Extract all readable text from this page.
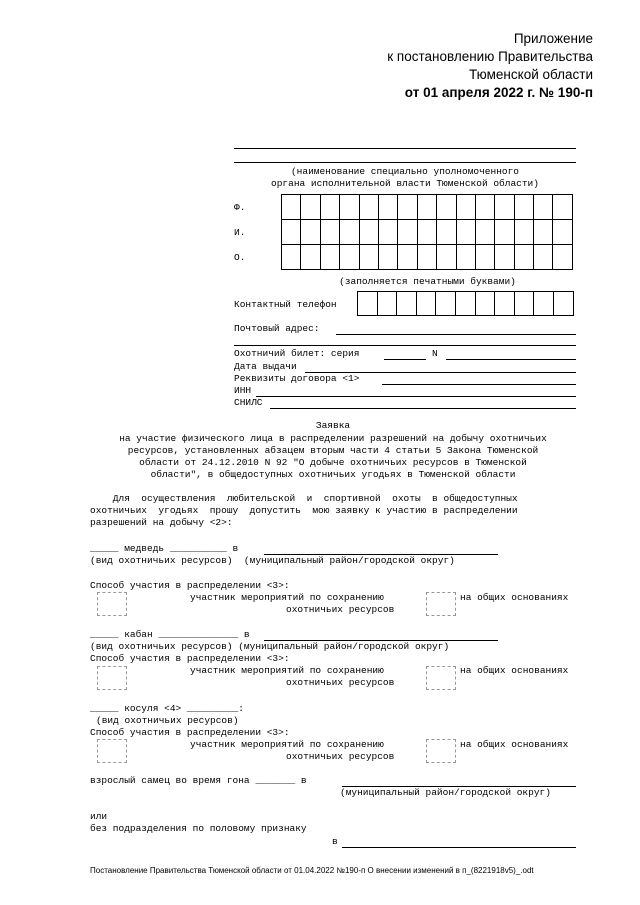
Приложение
к постановлению Правительства
Тюменской области
от 01 апреля 2022 г. № 190-п
(наименование специально уполномоченного
органа исполнительной власти Тюменской области)
Ф.
И.
О.
(заполняется печатными буквами)
Контактный телефон
Почтовый адрес:
Охотничий билет: серия	N
Дата выдачи
Реквизиты договора <1>
ИНН
СНИЛС
Заявка
на участие физического лица в распределении разрешений на добычу охотничьих
ресурсов, установленных абзацем вторым части 4 статьи 5 Закона Тюменской
области от 24.12.2010 N 92 "О добыче охотничьих ресурсов в Тюменской
области", в общедоступных охотничьих угодьях в Тюменской области
Для  осуществления  любительской  и  спортивной  охоты  в общедоступных
охотничьих  угодьях  прошу  допустить  мою заявку к участию в распределении
разрешений на добычу <2>:
_____ медведь __________ в
(вид охотничьих ресурсов)  (муниципальный район/городской округ)
Способ участия в распределении <3>:
участник мероприятий по сохранению
охотничьих ресурсов
на общих основаниях
_____ кабан ______________ в
(вид охотничьих ресурсов) (муниципальный район/городской округ)
Способ участия в распределении <3>:
участник мероприятий по сохранению
охотничьих ресурсов
на общих основаниях
_____ косуля <4> _________:
(вид охотничьих ресурсов)
Способ участия в распределении <3>:
участник мероприятий по сохранению
охотничьих ресурсов
на общих основаниях
взрослый самец во время гона _______ в
(муниципальный район/городской округ)
или
без подразделения по половому признаку
в
Постановление Правительства Тюменской области от 01.04.2022 №190-п О внесении изменений в п_(8221918v5)_.odt
